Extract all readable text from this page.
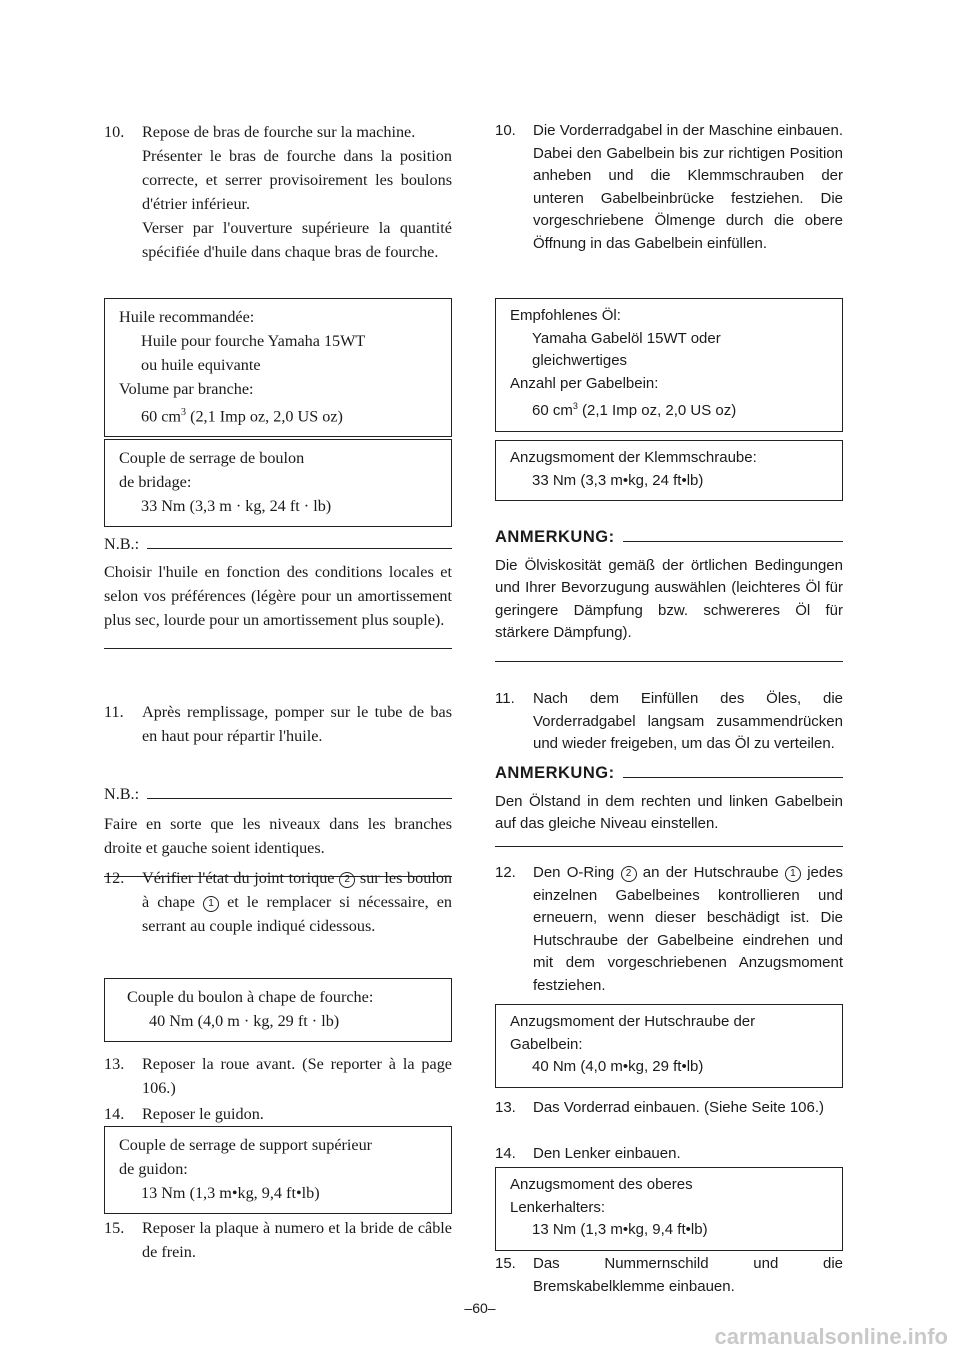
10.	Repose de bras de fourche sur la machine.

Présenter le bras de fourche dans la position correcte, et serrer provisoirement les boulons d'étrier inférieur.

Verser par l'ouverture supérieure la quantité spécifiée d'huile dans chaque bras de fourche.

Huile recommandée:

Huile pour fourche Yamaha 15WT

ou huile equivante

Volume par branche:

60 $cm^3$ (2,1 Imp oz, 2,0 US oz)

Couple de serrage de boulon

de bridage:

33 Nm (3,3 m · kg, 24 ft · lb)

N.B.:

Choisir l'huile en fonction des conditions locales et selon vos préférences (légère pour un amortissement plus sec, lourde pour un amortissement plus souple).

11.	Après remplissage, pomper sur le tube de bas en haut pour répartir l'huile.

N.B.:

Faire en sorte que les niveaux dans les branches droite et gauche soient identiques.

12.	Vérifier l'état du joint torique 2 sur les boulon à chape 1 et le remplacer si nécessaire, en serrant au couple indiqué cidessous.

Couple du boulon à chape de fourche:

40 Nm (4,0 m · kg, 29 ft · lb)

13.	Reposer la roue avant. (Se reporter à la page 106.)

14.	Reposer le guidon.

Couple de serrage de support supérieur

de guidon:

13 Nm (1,3 m•kg, 9,4 ft•lb)

15.	Reposer la plaque à numero et la bride de câble de frein.

10.	Die Vorderradgabel in der Maschine einbauen. Dabei den Gabelbein bis zur richtigen Position anheben und die Klemmschrauben der unteren Gabelbeinbrücke festziehen. Die vorgeschriebene Ölmenge durch die obere Öffnung in das Gabelbein einfüllen.

Empfohlenes Öl:

Yamaha Gabelöl 15WT oder

gleichwertiges

Anzahl per Gabelbein:

60 $cm^3$ (2,1 Imp oz, 2,0 US oz)

Anzugsmoment der Klemmschraube:

33 Nm (3,3 m•kg, 24 ft•lb)

ANMERKUNG:

Die Ölviskosität gemäß der örtlichen Bedingungen und Ihrer Bevorzugung auswählen (leichteres Öl für geringere Dämpfung bzw. schwereres Öl für stärkere Dämpfung).

11.	Nach dem Einfüllen des Öles, die Vorderradgabel langsam zusammendrücken und wieder freigeben, um das Öl zu verteilen.

ANMERKUNG:

Den Ölstand in dem rechten und linken Gabelbein auf das gleiche Niveau einstellen.

12.	Den O-Ring 2 an der Hutschraube 1 jedes einzelnen Gabelbeines kontrollieren und erneuern, wenn dieser beschädigt ist. Die Hutschraube der Gabelbeine eindrehen und mit dem vorgeschriebenen Anzugsmoment festziehen.

Anzugsmoment der Hutschraube der

Gabelbein:

40 Nm (4,0 m•kg, 29 ft•lb)

13.	Das Vorderrad einbauen. (Siehe Seite 106.)

14.	Den Lenker einbauen.

Anzugsmoment des oberes

Lenkerhalters:

13 Nm (1,3 m•kg, 9,4 ft•lb)

15.	Das Nummernschild und die Bremskabelklemme einbauen.

–60–
carmanualsonline.info
